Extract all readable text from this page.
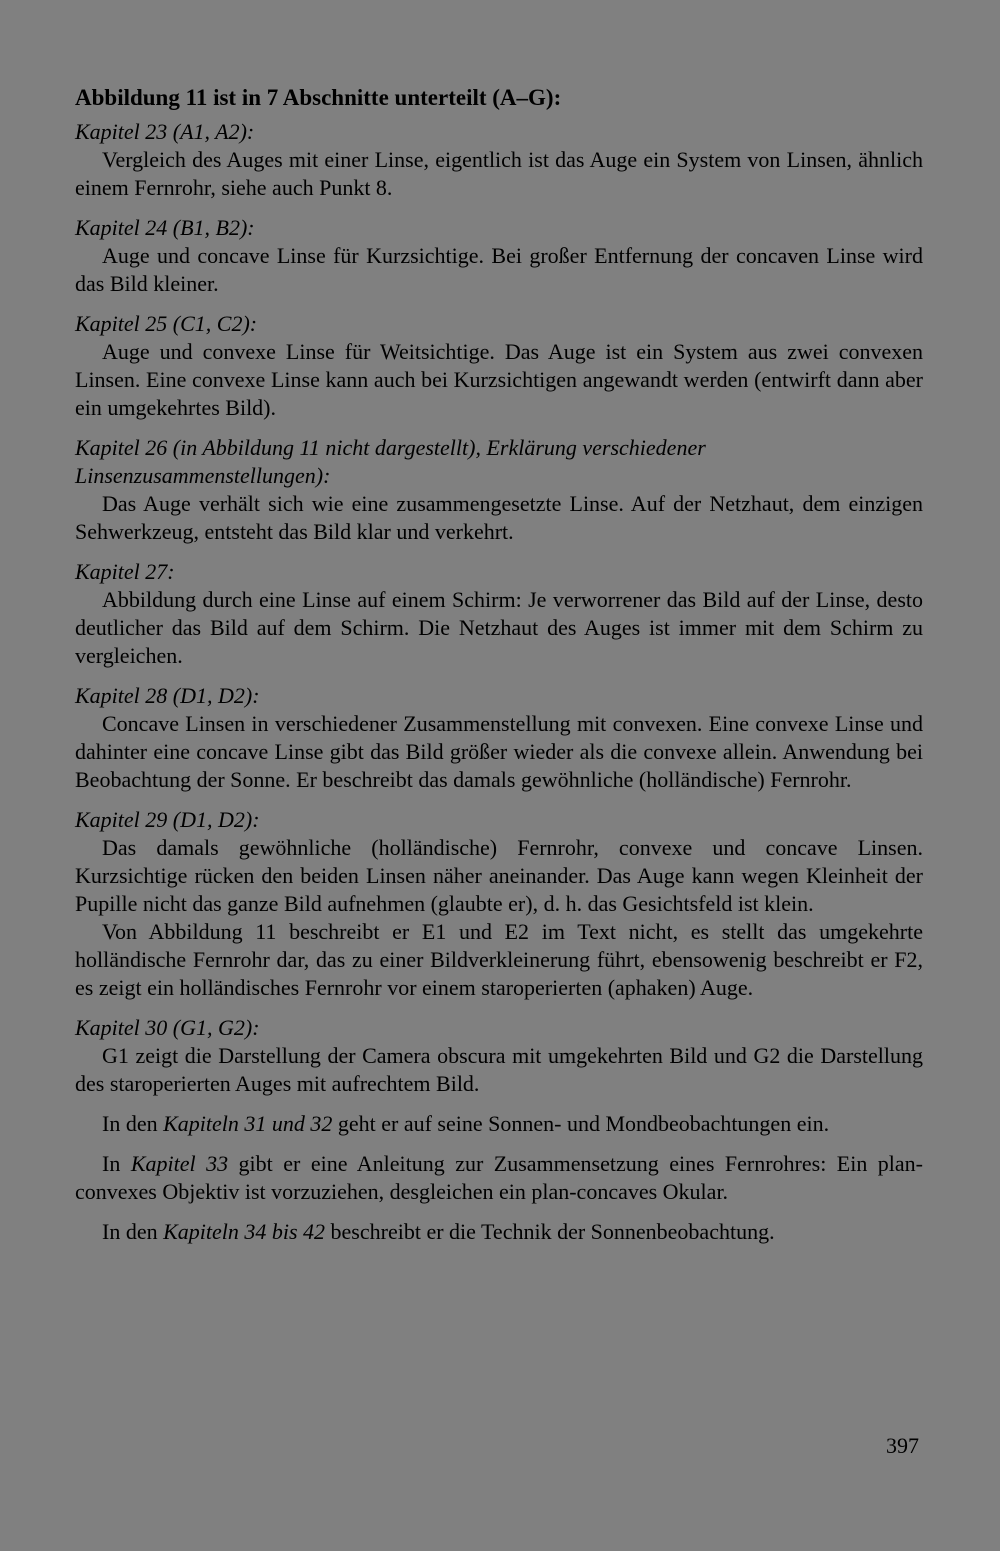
Abbildung 11 ist in 7 Abschnitte unterteilt (A–G):
Kapitel 23 (A1, A2):

Vergleich des Auges mit einer Linse, eigentlich ist das Auge ein System von Linsen, ähnlich einem Fernrohr, siehe auch Punkt 8.

Kapitel 24 (B1, B2):

Auge und concave Linse für Kurzsichtige. Bei großer Entfernung der concaven Linse wird das Bild kleiner.

Kapitel 25 (C1, C2):

Auge und convexe Linse für Weitsichtige. Das Auge ist ein System aus zwei convexen Linsen. Eine convexe Linse kann auch bei Kurzsichtigen angewandt werden (entwirft dann aber ein umgekehrtes Bild).

Kapitel 26 (in Abbildung 11 nicht dargestellt), Erklärung verschiedener Linsenzusammenstellungen):

Das Auge verhält sich wie eine zusammengesetzte Linse. Auf der Netzhaut, dem einzigen Sehwerkzeug, entsteht das Bild klar und verkehrt.

Kapitel 27:

Abbildung durch eine Linse auf einem Schirm: Je verworrener das Bild auf der Linse, desto deutlicher das Bild auf dem Schirm. Die Netzhaut des Auges ist immer mit dem Schirm zu vergleichen.

Kapitel 28 (D1, D2):

Concave Linsen in verschiedener Zusammenstellung mit convexen. Eine convexe Linse und dahinter eine concave Linse gibt das Bild größer wieder als die convexe allein. Anwendung bei Beobachtung der Sonne. Er beschreibt das damals gewöhnliche (holländische) Fernrohr.

Kapitel 29 (D1, D2):

Das damals gewöhnliche (holländische) Fernrohr, convexe und concave Linsen. Kurzsichtige rücken den beiden Linsen näher aneinander. Das Auge kann wegen Kleinheit der Pupille nicht das ganze Bild aufnehmen (glaubte er), d. h. das Gesichtsfeld ist klein.

Von Abbildung 11 beschreibt er E1 und E2 im Text nicht, es stellt das umgekehrte holländische Fernrohr dar, das zu einer Bildverkleinerung führt, ebensowenig beschreibt er F2, es zeigt ein holländisches Fernrohr vor einem staroperierten (aphaken) Auge.

Kapitel 30 (G1, G2):

G1 zeigt die Darstellung der Camera obscura mit umgekehrten Bild und G2 die Darstellung des staroperierten Auges mit aufrechtem Bild.

In den Kapiteln 31 und 32 geht er auf seine Sonnen- und Mondbeobachtungen ein.

In Kapitel 33 gibt er eine Anleitung zur Zusammensetzung eines Fernrohres: Ein plan-convexes Objektiv ist vorzuziehen, desgleichen ein plan-concaves Okular.

In den Kapiteln 34 bis 42 beschreibt er die Technik der Sonnenbeobachtung.

397
